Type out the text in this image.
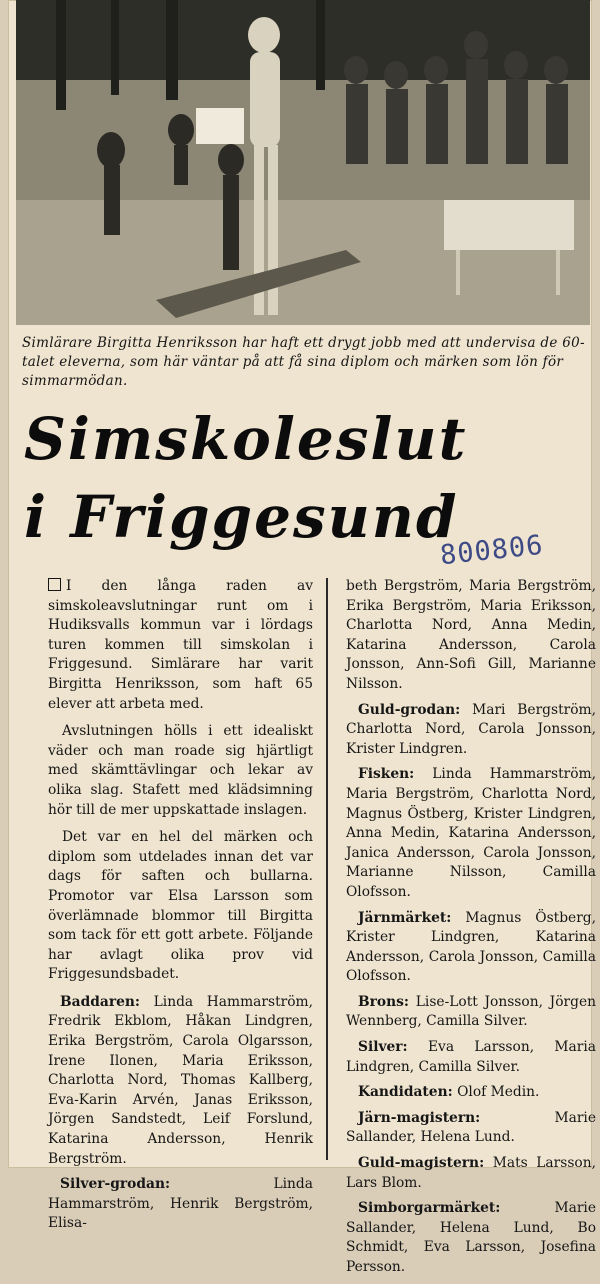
Simlärare Birgitta Henriksson har haft ett drygt jobb med att undervisa de 60-talet eleverna, som här väntar på att få sina diplom och märken som lön för simmarmödan.
Simskoleslut
i Friggesund
800806

I den långa raden av simskoleavslutningar runt om i Hudiksvalls kommun var i lördags turen kommen till simskolan i Friggesund. Simlärare har varit Birgitta Henriksson, som haft 65 elever att arbeta med.

Avslutningen hölls i ett idealiskt väder och man roade sig hjärtligt med skämttävlingar och lekar av olika slag. Stafett med klädsimning hör till de mer uppskattade inslagen.

Det var en hel del märken och diplom som utdelades innan det var dags för saften och bullarna. Promotor var Elsa Larsson som överlämnade blommor till Birgitta som tack för ett gott arbete. Följande har avlagt olika prov vid Friggesundsbadet.

Baddaren: Linda Hammarström, Fredrik Ekblom, Håkan Lindgren, Erika Bergström, Carola Olgarsson, Irene Ilonen, Maria Eriksson, Charlotta Nord, Thomas Kallberg, Eva-Karin Arvén, Janas Eriksson, Jörgen Sandstedt, Leif Forslund, Katarina Andersson, Henrik Bergström.

Silver-grodan:	Linda Hammarström, Henrik Bergström, Elisa-

beth Bergström, Maria Bergström, Erika Bergström, Maria Eriksson, Charlotta Nord, Anna Medin, Katarina Andersson, Carola Jonsson, Ann-Sofi Gill, Marianne Nilsson.

Guld-grodan: Mari Bergström, Charlotta Nord, Carola Jonsson, Krister Lindgren.

Fisken: Linda Hammarström, Maria Bergström, Charlotta Nord, Magnus Östberg, Krister Lindgren, Anna Medin, Katarina Andersson, Janica Andersson, Carola Jonsson, Marianne Nilsson, Camilla Olofsson.

Järnmärket: Magnus Östberg, Krister Lindgren, Katarina Andersson, Carola Jonsson, Camilla Olofsson.

Brons: Lise-Lott Jonsson, Jörgen Wennberg, Camilla Silver.

Silver: Eva Larsson, Maria Lindgren, Camilla Silver.

Kandidaten: Olof Medin.

Järn-magistern:	Marie Sallander, Helena Lund.

Guld-magistern: Mats Larsson, Lars Blom.

Simborgarmärket:	Marie Sallander, Helena Lund, Bo Schmidt, Eva Larsson, Josefina Persson.
